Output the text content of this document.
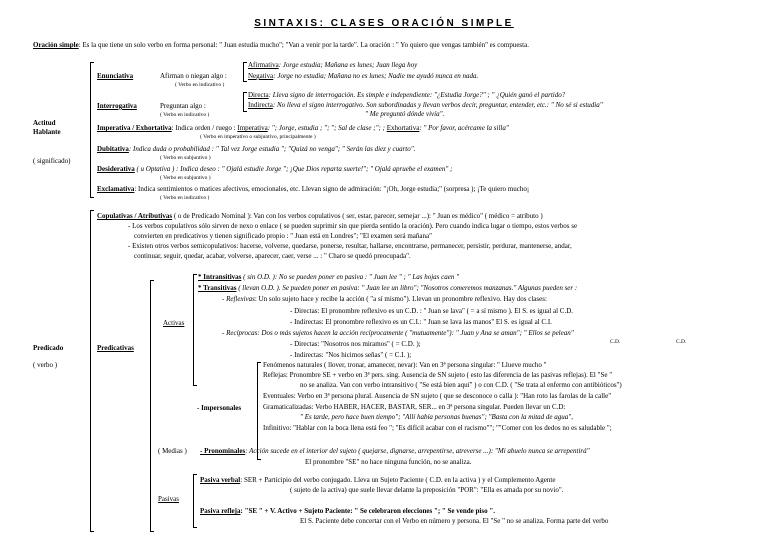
SINTAXIS: CLASES ORACIÓN SIMPLE
Oración simple: Es la que tiene un solo verbo en forma personal: " Juan estudia mucho"; "Van a venir por la tarde". La oración : " Yo quiero que vengas también" es compuesta.
Actitud
Hablante
( significado)
Enunciativa	Afirman o niegan algo :
( Verbo en indicativo )
Afirmativa: Jorge estudia; Mañana es lunes; Juan llega hoy
Negativa: Jorge no estudia; Mañana no es lunes; Nadie me ayudó nunca en nada.
Interrogativa	Preguntan algo :
( Verbo en indicativo )
Directa: Lleva signo de interrogación. Es simple e independiente: "¿Estudia Jorge?" ; " ¿Quién ganó el partido?
Indirecta: No lleva el signo interrogativo. Son subordinadas y llevan verbos decir, preguntar, entender, etc.: " No sé si estudia"
" Me preguntó dónde vivía".
Imperativa / Exhortativa: Indica orden / ruego : Imperativa: "; Jorge, estudia ; "; "; Sal de clase ;"; ; Exhortativa: " Por favor, acércame la silla"
( Verbo en imperativo o subjuntivo, principalmente )
Dubitativa: Indica duda o probabilidad : " Tal vez Jorge estudia "; "Quizá no venga"; " Serán las diez y cuarto".
( Verbo en subjuntivo )
Desiderativa ( u Optativa ) : Indica deseo : " Ojalá estudie Jorge "; ¡Que Dios reparta suerte!"; " Ojalá apruebe el examen" ;
( Verbo en subjuntivo )
Exclamativa: Indica sentimientos o matices afectivos, emocionales, etc. Llevan signo de admiración: "¡Oh, Jorge estudia;" (sorpresa ); ¡Te quiero mucho¡
( Verbo en indicativo )
Predicado
( verbo )
Copulativas / Atributivas ( o de Predicado Nominal ): Van con los verbos copulativos ( ser, estar, parecer, semejar ...): " Juan es médico" ( médico = atributo )
- Los verbos copulativos sólo sirven de nexo o enlace ( se pueden suprimir sin que pierda sentido la oración). Pero cuando indica lugar o tiempo, estos verbos se
convierten en predicativos y tienen significado propio : " Juan está en Londres"; "El examen será mañana"
- Existen otros verbos semicopulativos: hacerse, volverse, quedarse, ponerse, resultar, hallarse, encontrarse, permanecer, persistir, perdurar, mantenerse, andar,
continuar, seguir, quedar, acabar, volverse, aparecer, caer, verse ... : " Charo se quedó preocupada".
Predicativas
Activas
* Intransitivas ( sin O.D. ): No se pueden poner en pasiva : " Juan lee " ; " Las hojas caen "
* Transitivas ( llevan O.D. ). Se pueden poner en pasiva: " Juan lee un libro"; "Nosotros comeremos manzanas." Algunas pueden ser :
- Reflexivas: Un solo sujeto hace y recibe la acción ( "a sí mismo"). Llevan un pronombre reflexivo. Hay dos clases:
- Directas: El pronombre reflexivo es un C.D. : " Juan se lava" ( = a sí mismo ). El S. es igual al C.D.
- Indirectas: El pronombre reflexivo es un C.I.: " Juan se lava las manos" El S. es igual al C.I.
- Recíprocas: Dos o más sujetos hacen la acción recíprocamente ( "mutuamente"): " Juan y Ana se aman"; " Ellos se pelean"
C.D.	C.D.
- Directas: "Nosotros nos miramos" ( = C.D. );
- Indirectas: "Nos hicimos señas" ( = C.I. );
- Impersonales
Fenómenos naturales ( llover, tronar, amanecer, nevar): Van en 3ª persona singular: " Llueve mucho "
Reflejas: Pronombre SE + verbo en 3ª pers. sing. Ausencia de SN sujeto ( esto las diferencia de las pasivas reflejas). El "Se "
no se analiza. Van con verbo intransitivo ( "Se está bien aquí" ) o con C.D. ( "Se trata al enfermo con antibióticos")
Eventuales: Verbo en 3ª persona plural. Ausencia de SN sujeto ( que se desconoce o calla ): "Han roto las farolas de la calle"
Gramaticalizadas: Verbo HABER, HACER, BASTAR, SER... en 3ª persona singular. Pueden llevar un C.D:
" Es tarde, pero hace buen tiempo"; "Allí había personas buenas"; "Basta con la mitad de agua",
Infinitivo: "Hablar con la boca llena está feo "; "Es difícil acabar con el racismo""; ""Comer con los dedos no es saludable ";
( Medias ) - Pronominales: Acción sucede en el interior del sujeto ( quejarse, dignarse, arrepentirse, atreverse ...): "Mi abuelo nunca se arrepentirá"
El pronombre "SE" no hace ninguna función, no se analiza.
Pasivas
Pasiva verbal: SER + Participio del verbo conjugado. Lleva un Sujeto Paciente ( C.D. en la activa ) y el Complemento Agente
( sujeto de la activa) que suele llevar delante la preposición "POR": "Ella es amada por su novio".
Pasiva refleja: "SE " + V. Activo + Sujeto Paciente: " Se celebraron elecciones "; " Se vende piso ".
El S. Paciente debe concertar con el Verbo en número y persona. El "Se " no se analiza. Forma parte del verbo
